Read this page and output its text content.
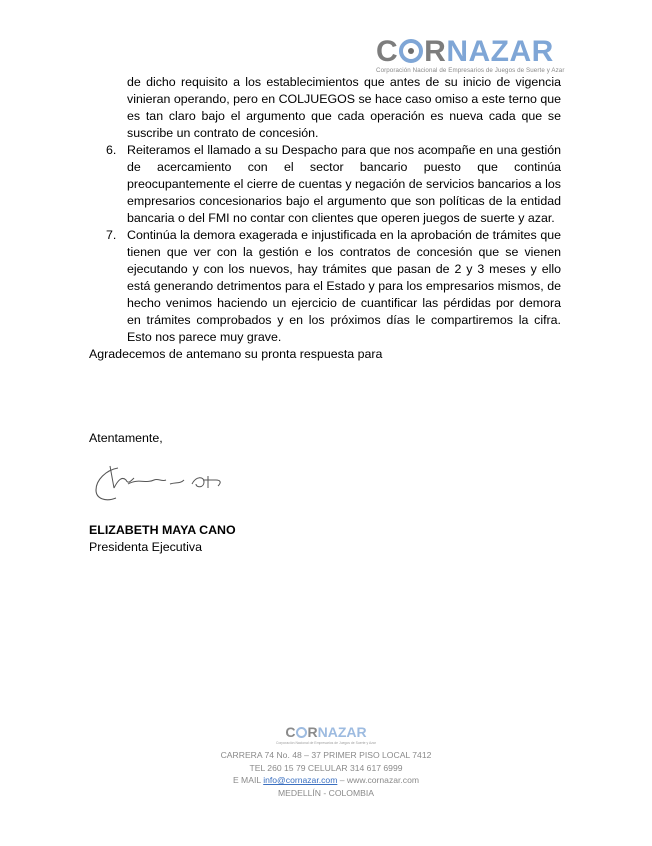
C RNAZAR
Corporación Nacional de Empresarios de Juegos de Suerte y Azar
de dicho requisito a los establecimientos que antes de su inicio de vigencia vinieran operando, pero en COLJUEGOS se hace caso omiso a este terno que es tan claro bajo el argumento que cada operación es nueva cada que se suscribe un contrato de concesión.
6. Reiteramos el llamado a su Despacho para que nos acompañe en una gestión de acercamiento con el sector bancario puesto que continúa preocupantemente el cierre de cuentas y negación de servicios bancarios a los empresarios concesionarios bajo el argumento que son políticas de la entidad bancaria o del FMI no contar con clientes que operen juegos de suerte y azar.
7. Continúa la demora exagerada e injustificada en la aprobación de trámites que tienen que ver con la gestión e los contratos de concesión que se vienen ejecutando y con los nuevos, hay trámites que pasan de 2 y 3 meses y ello está generando detrimentos para el Estado y para los empresarios mismos, de hecho venimos haciendo un ejercicio de cuantificar las pérdidas por demora en trámites comprobados y en los próximos días le compartiremos la cifra. Esto nos parece muy grave.

Agradecemos de antemano su pronta respuesta para

Atentamente,
ELIZABETH MAYA CANO
Presidenta Ejecutiva
C RNAZAR
Corporación Nacional de Empresarios de Juegos de Suerte y Azar
CARRERA 74 No. 48 – 37 PRIMER PISO LOCAL 7412
TEL 260 15 79 CELULAR 314 617 6999
E MAIL info@cornazar.com – www.cornazar.com
MEDELLÍN - COLOMBIA
